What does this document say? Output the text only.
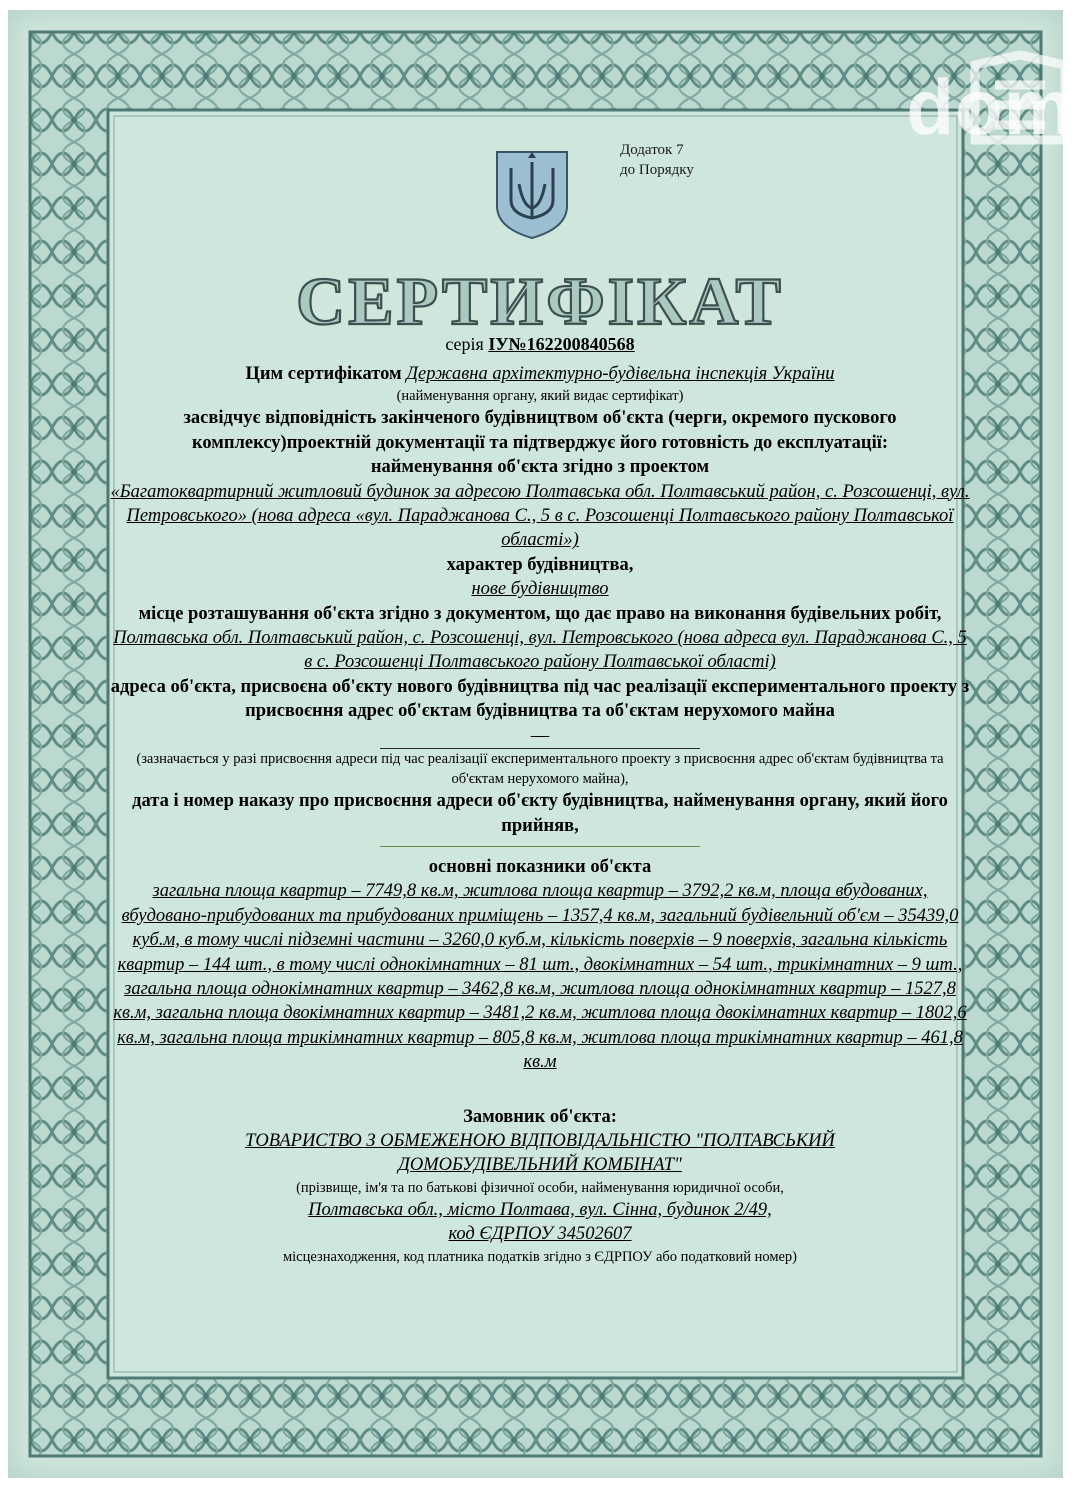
dom
Додаток 7
до Порядку
СЕРТИФІКАТ
серія ІУ№162200840568
Цим сертифікатом Державна архітектурно-будівельна інспекція України
(найменування органу, який видає сертифікат)
засвідчує відповідність закінченого будівництвом об'єкта (черги, окремого пускового комплексу)проектній документації та підтверджує його готовність до експлуатації:
найменування об'єкта згідно з проектом
«Багатоквартирний житловий будинок за адресою Полтавська обл. Полтавський район, с. Розсошенці, вул. Петровського» (нова адреса «вул. Параджанова С., 5 в с. Розсошенці Полтавського району Полтавської області»)
характер будівництва,
нове будівництво
місце розташування об'єкта згідно з документом, що дає право на виконання будівельних робіт,
Полтавська обл. Полтавський район, с. Розсошенці, вул. Петровського (нова адреса вул. Параджанова С., 5 в с. Розсошенці Полтавського району Полтавської області)
адреса об'єкта, присвоєна об'єкту нового будівництва під час реалізації експериментального проекту з присвоєння адрес об'єктам будівництва та об'єктам нерухомого майна
—
(зазначається у разі присвоєння адреси під час реалізації експериментального проекту з присвоєння адрес об'єктам будівництва та об'єктам нерухомого майна),
дата і номер наказу про присвоєння адреси об'єкту будівництва, найменування органу, який його прийняв,
основні показники об'єкта
загальна площа квартир – 7749,8 кв.м, житлова площа квартир – 3792,2 кв.м, площа вбудованих, вбудовано-прибудованих та прибудованих приміщень – 1357,4 кв.м, загальний будівельний об'єм – 35439,0 куб.м, в тому числі підземні частини – 3260,0 куб.м, кількість поверхів – 9 поверхів, загальна кількість квартир – 144 шт., в тому числі однокімнатних – 81 шт., двокімнатних – 54 шт., трикімнатних – 9 шт., загальна площа однокімнатних квартир – 3462,8 кв.м, житлова площа однокімнатних квартир – 1527,8 кв.м, загальна площа двокімнатних квартир – 3481,2 кв.м, житлова площа двокімнатних квартир – 1802,6 кв.м, загальна площа трикімнатних квартир – 805,8 кв.м, житлова площа трикімнатних квартир – 461,8 кв.м
Замовник об'єкта:
ТОВАРИСТВО З ОБМЕЖЕНОЮ ВІДПОВІДАЛЬНІСТЮ "ПОЛТАВСЬКИЙ ДОМОБУДІВЕЛЬНИЙ КОМБІНАТ"
(прізвище, ім'я та по батькові фізичної особи, найменування юридичної особи,
Полтавська обл., місто Полтава, вул. Сінна, будинок 2/49,
код ЄДРПОУ 34502607
місцезнаходження, код платника податків згідно з ЄДРПОУ або податковий номер)
